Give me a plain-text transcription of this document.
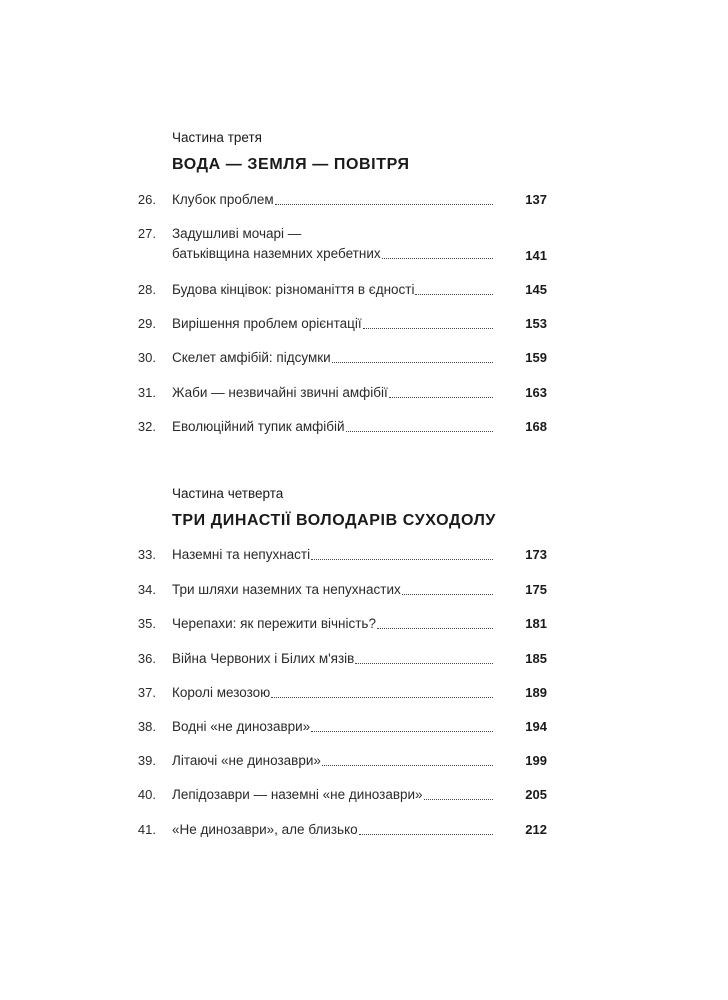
Частина третя
ВОДА — ЗЕМЛЯ — ПОВІТРЯ
26. Клубок проблем	137
27. Задушливі мочарі —
батьківщина наземних хребетних	141
28. Будова кінцівок: різноманіття в єдності	145
29. Вирішення проблем орієнтації	153
30. Скелет амфібій: підсумки	159
31. Жаби — незвичайні звичні амфібії	163
32. Еволюційний тупик амфібій	168
Частина четверта
ТРИ ДИНАСТІЇ ВОЛОДАРІВ СУХОДОЛУ
33. Наземні та непухнасті	173
34. Три шляхи наземних та непухнастих	175
35. Черепахи: як пережити вічність?	181
36. Війна Червоних і Білих м'язів	185
37. Королі мезозою	189
38. Водні «не динозаври»	194
39. Літаючі «не динозаври»	199
40. Лепідозаври — наземні «не динозаври»	205
41. «Не динозаври», але близько	212
